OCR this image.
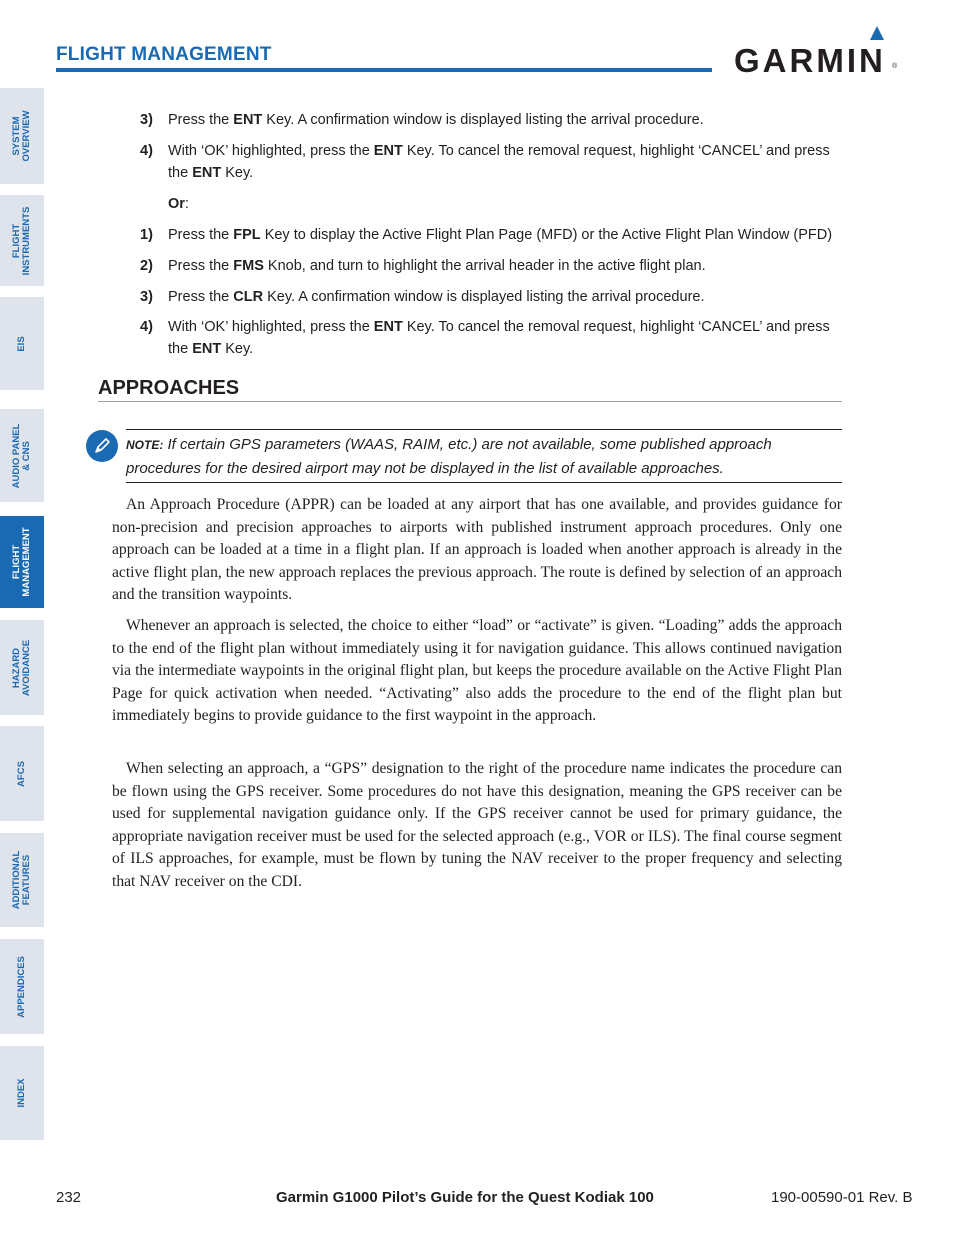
FLIGHT MANAGEMENT	GARMIN ®
SYSTEM
OVERVIEW
FLIGHT
INSTRUMENTS
EIS
AUDIO PANEL
& CNS
FLIGHT
MANAGEMENT
HAZARD
AVOIDANCE
AFCS
ADDITIONAL
FEATURES
APPENDICES
INDEX
3) Press the ENT Key. A confirmation window is displayed listing the arrival procedure.
4) With ‘OK’ highlighted, press the ENT Key. To cancel the removal request, highlight ‘CANCEL’ and press the ENT Key.
Or:
1) Press the FPL Key to display the Active Flight Plan Page (MFD) or the Active Flight Plan Window (PFD)
2) Press the FMS Knob, and turn to highlight the arrival header in the active flight plan.
3) Press the CLR Key. A confirmation window is displayed listing the arrival procedure.
4) With ‘OK’ highlighted, press the ENT Key. To cancel the removal request, highlight ‘CANCEL’ and press the ENT Key.
APPROACHES
NOTE: If certain GPS parameters (WAAS, RAIM, etc.) are not available, some published approach procedures for the desired airport may not be displayed in the list of available approaches.
An Approach Procedure (APPR) can be loaded at any airport that has one available, and provides guidance for non-precision and precision approaches to airports with published instrument approach procedures. Only one approach can be loaded at a time in a flight plan. If an approach is loaded when another approach is already in the active flight plan, the new approach replaces the previous approach. The route is defined by selection of an approach and the transition waypoints.
Whenever an approach is selected, the choice to either “load” or “activate” is given. “Loading” adds the approach to the end of the flight plan without immediately using it for navigation guidance. This allows continued navigation via the intermediate waypoints in the original flight plan, but keeps the procedure available on the Active Flight Plan Page for quick activation when needed. “Activating” also adds the procedure to the end of the flight plan but immediately begins to provide guidance to the first waypoint in the approach.
When selecting an approach, a “GPS” designation to the right of the procedure name indicates the procedure can be flown using the GPS receiver. Some procedures do not have this designation, meaning the GPS receiver can be used for supplemental navigation guidance only. If the GPS receiver cannot be used for primary guidance, the appropriate navigation receiver must be used for the selected approach (e.g., VOR or ILS). The final course segment of ILS approaches, for example, must be flown by tuning the NAV receiver to the proper frequency and selecting that NAV receiver on the CDI.
232	Garmin G1000 Pilot’s Guide for the Quest Kodiak 100	190-00590-01 Rev. B
